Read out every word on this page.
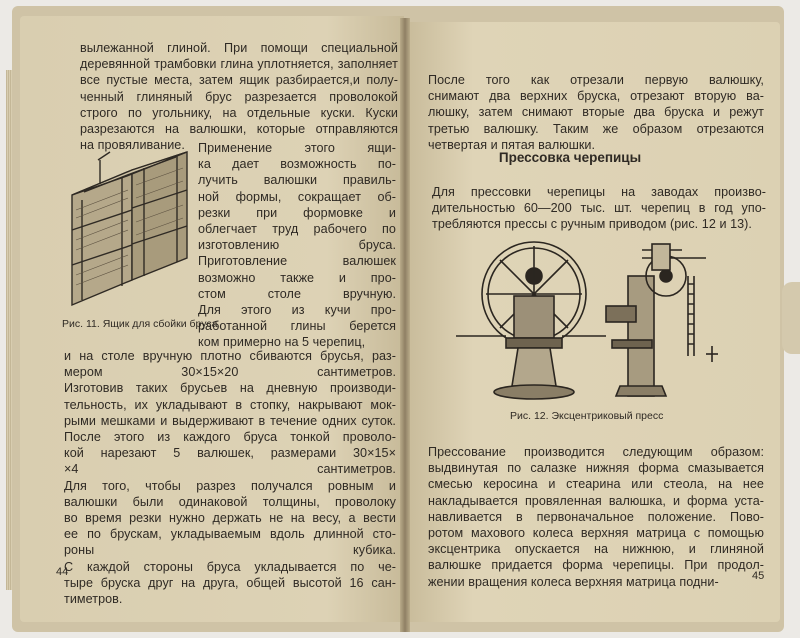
вылежанной глиной. При помощи специальной
деревянной трамбовки глина уплотняется, заполняет
все пустые места, затем ящик разбирается,и полу-
ченный глиняный брус разрезается проволокой
строго по угольнику, на отдельные куски. Куски
разрезаются на валюшки, которые отправляются
на провяливание.	Применение этого ящи-
ка дает возможность по-
лучить валюшки правиль-
ной формы, сокращает об-
резки при формовке и
облегчает труд рабочего по
изготовлению бруса.
Приготовление валюшек
возможно также и про-
стом столе вручную.
Для этого из кучи про-
работанной глины берется
ком примерно на 5 черепиц,
Рис. 11. Ящик для сбойки бруса
и на столе вручную плотно сбиваются брусья, раз-
мером 30×15×20 сантиметров.
Изготовив таких брусьев на дневную производи-
тельность, их укладывают в стопку, накрывают мок-
рыми мешками и выдерживают в течение одних суток.
После этого из каждого бруса тонкой проволо-
кой нарезают 5 валюшек, размерами 30×15×
×4 сантиметров.
Для того, чтобы разрез получался ровным и
валюшки были одинаковой толщины, проволоку
во время резки нужно держать не на весу, а вести
ее по брускам, укладываемым вдоль длинной сто-
роны кубика.
С каждой стороны бруса укладывается по че-
тыре бруска друг на друга, общей высотой 16 сан-
тиметров.
44
После того как отрезали первую валюшку,
снимают два верхних бруска, отрезают вторую ва-
люшку, затем снимают вторые два бруска и режут
третью валюшку. Таким же образом отрезаются
четвертая и пятая валюшки.
Прессовка черепицы
Для прессовки черепицы на заводах произво-
дительностью 60—200 тыс. шт. черепиц в год упо-
требляются прессы с ручным приводом (рис. 12 и 13).
Рис. 12. Эксцентриковый пресс
Прессование производится следующим образом:
выдвинутая по салазке нижняя форма смазывается
смесью керосина и стеарина или стеола, на нее
накладывается провяленная валюшка, и форма уста-
навливается в первоначальное положение. Пово-
ротом махового колеса верхняя матрица с помощью
эксцентрика опускается на нижнюю, и глиняной
валюшке придается форма черепицы. При продол-
жении вращения колеса верхняя матрица подни-	45
